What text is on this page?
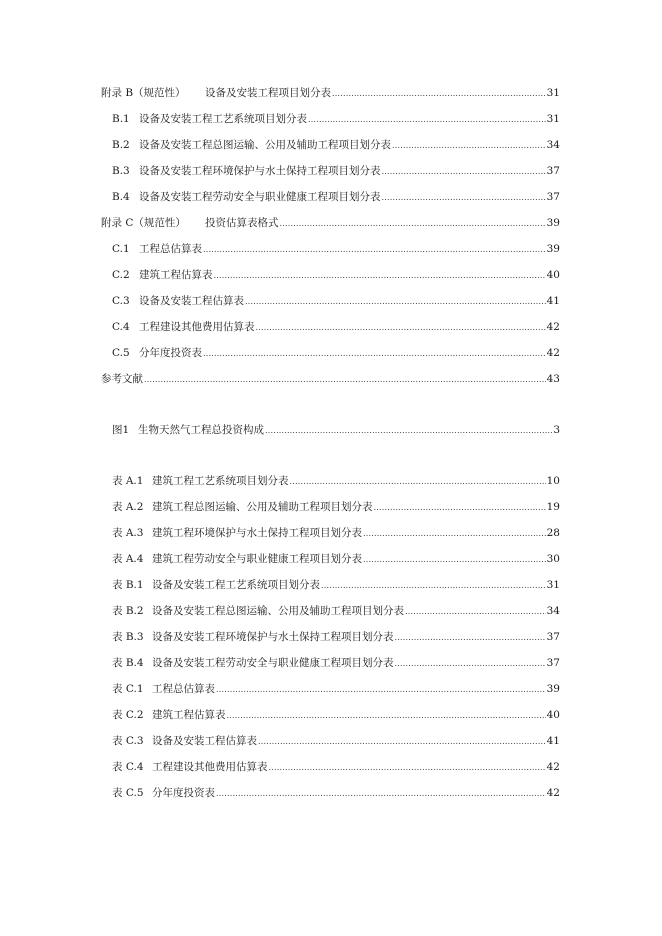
附录 B（规范性）	设备及安装工程项目划分表 .....	31
B.1 设备及安装工程工艺系统项目划分表 .....	31
B.2 设备及安装工程总图运输、公用及辅助工程项目划分表 .....	34
B.3 设备及安装工程环境保护与水土保持工程项目划分表 .....	37
B.4 设备及安装工程劳动安全与职业健康工程项目划分表 .....	37
附录 C（规范性）	投资估算表格式 .....	39
C.1 工程总估算表 .....	39
C.2 建筑工程估算表 .....	40
C.3 设备及安装工程估算表 .....	41
C.4 工程建设其他费用估算表 .....	42
C.5 分年度投资表 .....	42
参考文献 .....	43
图1 生物天然气工程总投资构成 .....	3
表 A.1 建筑工程工艺系统项目划分表 .....	10
表 A.2 建筑工程总图运输、公用及辅助工程项目划分表 .....	19
表 A.3 建筑工程环境保护与水土保持工程项目划分表 .....	28
表 A.4 建筑工程劳动安全与职业健康工程项目划分表 .....	30
表 B.1 设备及安装工程工艺系统项目划分表 .....	31
表 B.2 设备及安装工程总图运输、公用及辅助工程项目划分表 .....	34
表 B.3 设备及安装工程环境保护与水土保持工程项目划分表 .....	37
表 B.4 设备及安装工程劳动安全与职业健康工程项目划分表 .....	37
表 C.1 工程总估算表 .....	39
表 C.2 建筑工程估算表 .....	40
表 C.3 设备及安装工程估算表 .....	41
表 C.4 工程建设其他费用估算表 .....	42
表 C.5 分年度投资表 .....	42
